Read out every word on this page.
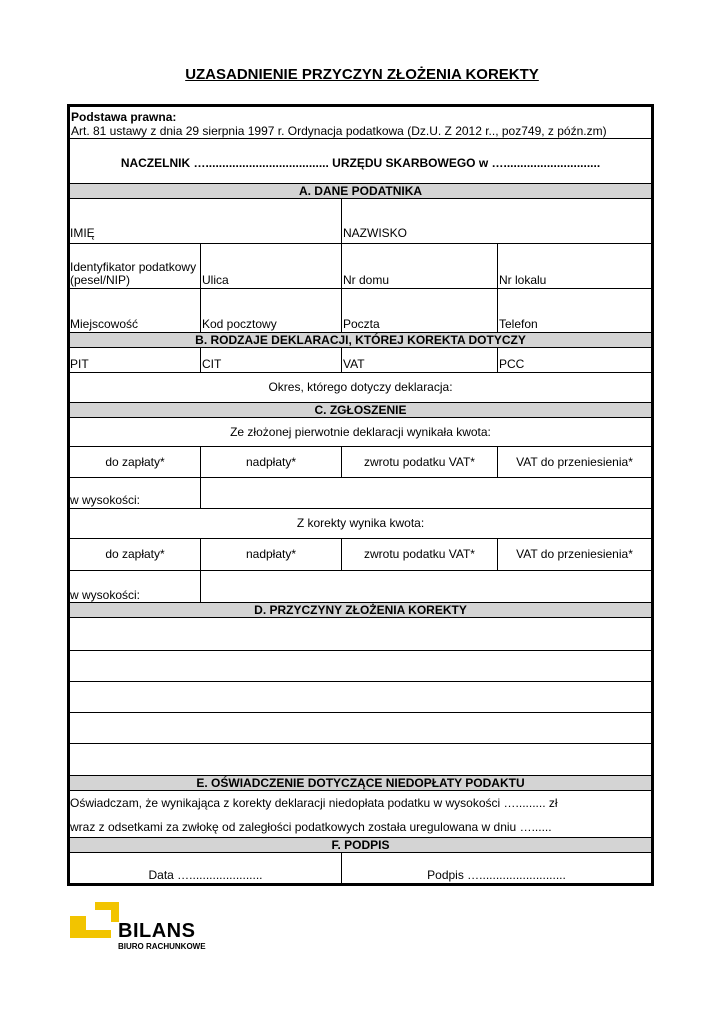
UZASADNIENIE PRZYCZYN ZŁOŻENIA KOREKTY
Podstawa prawna:
Art. 81 ustawy z dnia 29 sierpnia 1997 r. Ordynacja podatkowa (Dz.U. Z 2012 r.., poz749, z późn.zm)
NACZELNIK …..................................... URZĘDU SKARBOWEGO w ….............................
A. DANE PODATNIKA
IMIĘ	NAZWISKO
Identyfikator podatkowy
(pesel/NIP)	Ulica	Nr domu	Nr lokalu
Miejscowość	Kod pocztowy	Poczta	Telefon
B. RODZAJE DEKLARACJI, KTÓREJ KOREKTA DOTYCZY
PIT	CIT	VAT	PCC
Okres, którego dotyczy deklaracja:
C. ZGŁOSZENIE
Ze złożonej pierwotnie deklaracji wynikała kwota:
do zapłaty*	nadpłaty*	zwrotu podatku VAT*	VAT do przeniesienia*
w wysokości:
Z korekty wynika kwota:
do zapłaty*	nadpłaty*	zwrotu podatku VAT*	VAT do przeniesienia*
w wysokości:
D. PRZYCZYNY ZŁOŻENIA KOREKTY
E. OŚWIADCZENIE DOTYCZĄCE NIEDOPŁATY PODAKTU
Oświadczam, że wynikająca z korekty deklaracji niedopłata podatku w wysokości …......... zł
wraz z odsetkami za zwłokę od zaległości podatkowych została uregulowana w dniu …......
F. PODPIS
Data …......................	Podpis …..........................
BILANS
BIURO RACHUNKOWE
